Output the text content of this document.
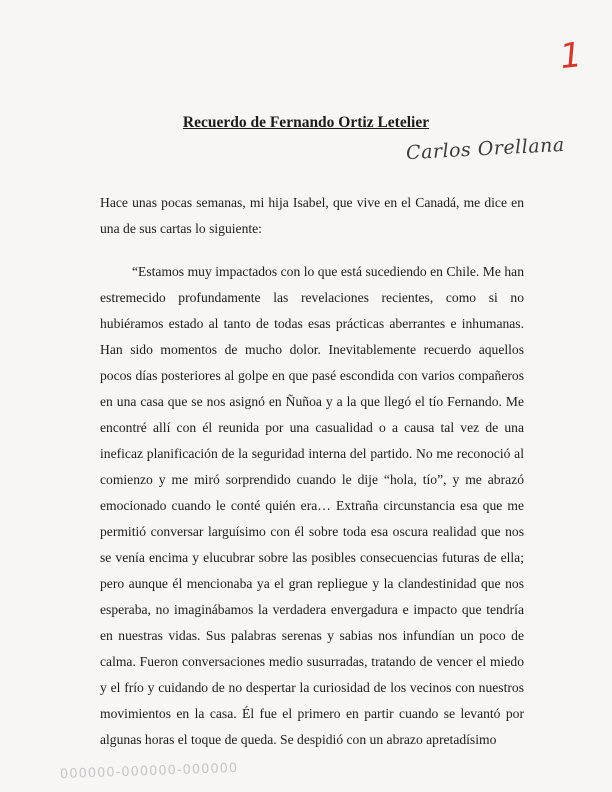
1
Recuerdo de Fernando Ortiz Letelier
Carlos Orellana
Hace unas pocas semanas, mi hija Isabel, que vive en el Canadá, me dice en una de sus cartas lo siguiente:
“Estamos muy impactados con lo que está sucediendo en Chile. Me han estremecido profundamente las revelaciones recientes, como si no hubiéramos estado al tanto de todas esas prácticas aberrantes e inhumanas. Han sido momentos de mucho dolor. Inevitablemente recuerdo aquellos pocos días posteriores al golpe en que pasé escondida con varios compañeros en una casa que se nos asignó en Ñuñoa y a la que llegó el tío Fernando. Me encontré allí con él reunida por una casualidad o a causa tal vez de una ineficaz planificación de la seguridad interna del partido. No me reconoció al comienzo y me miró sorprendido cuando le dije “hola, tío”, y me abrazó emocionado cuando le conté quién era… Extraña circunstancia esa que me permitió conversar larguísimo con él sobre toda esa oscura realidad que nos se venía encima y elucubrar sobre las posibles consecuencias futuras de ella; pero aunque él mencionaba ya el gran repliegue y la clandestinidad que nos esperaba, no imaginábamos la verdadera envergadura e impacto que tendría en nuestras vidas. Sus palabras serenas y sabias nos infundían un poco de calma. Fueron conversaciones medio susurradas, tratando de vencer el miedo y el frío y cuidando de no despertar la curiosidad de los vecinos con nuestros movimientos en la casa. Él fue el primero en partir cuando se levantó por algunas horas el toque de queda. Se despidió con un abrazo apretadísimo
000000-000000-000000
